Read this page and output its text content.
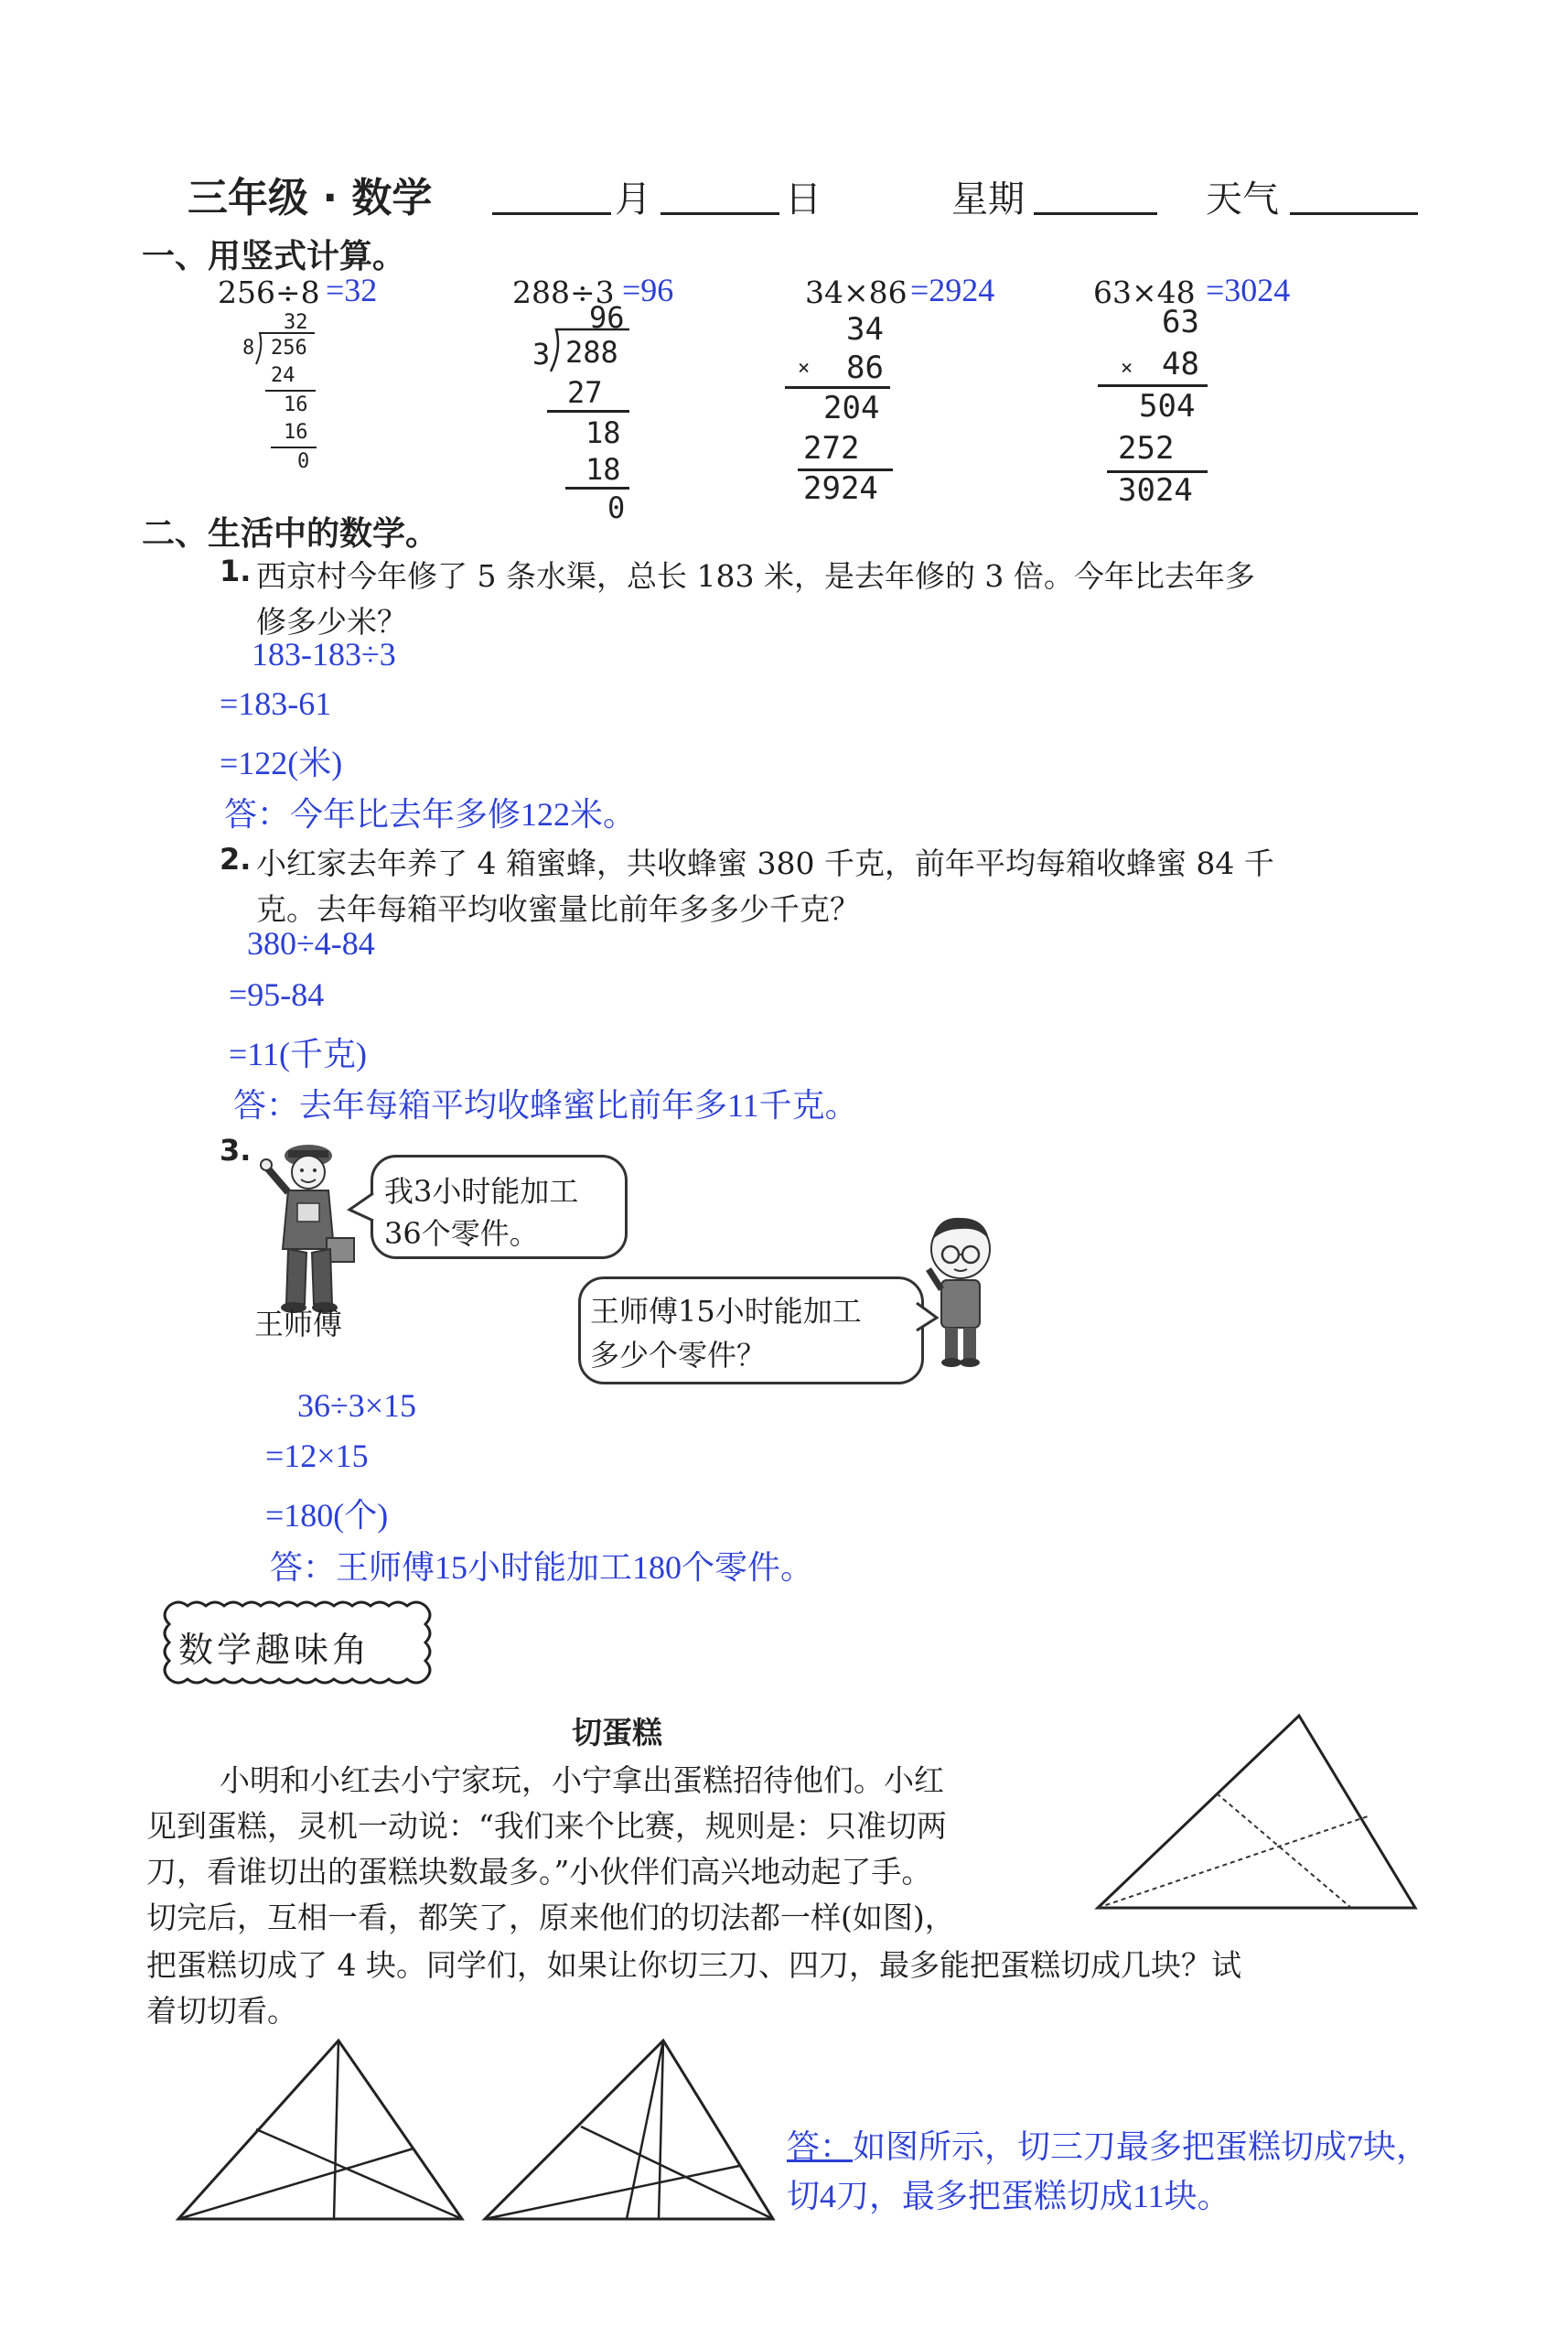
三年级 · 数学	月	日	星期	天气
一、用竖式计算。
256÷8 =32
32
8 256
24
16
16
0
288÷3 =96
96
3 288
27
18
18
0
34×86 =2924
34
× 86
204
272
2924
63×48 =3024
63
× 48
504
252
3024
二、生活中的数学。
1. 西京村今年修了 5 条水渠，总长 183 米，是去年修的 3 倍。今年比去年多
修多少米？
183-183÷3
=183-61
=122(米)
答：今年比去年多修122米。
2. 小红家去年养了 4 箱蜜蜂，共收蜂蜜 380 千克，前年平均每箱收蜂蜜 84 千
克。去年每箱平均收蜜量比前年多多少千克？
380÷4-84
=95-84
=11(千克)
答：去年每箱平均收蜂蜜比前年多11千克。
3.
王师傅
我3小时能加工
36个零件。
王师傅15小时能加工
多少个零件？
36÷3×15
=12×15
=180(个)
答：王师傅15小时能加工180个零件。
数学趣味角
切蛋糕
小明和小红去小宁家玩，小宁拿出蛋糕招待他们。小红
见到蛋糕，灵机一动说：“我们来个比赛，规则是：只准切两
刀，看谁切出的蛋糕块数最多。”小伙伴们高兴地动起了手。
切完后，互相一看，都笑了，原来他们的切法都一样(如图)，
把蛋糕切成了 4 块。同学们，如果让你切三刀、四刀，最多能把蛋糕切成几块？试
着切切看。
答： 如图所示，切三刀最多把蛋糕切成7块，
切4刀，最多把蛋糕切成11块。
